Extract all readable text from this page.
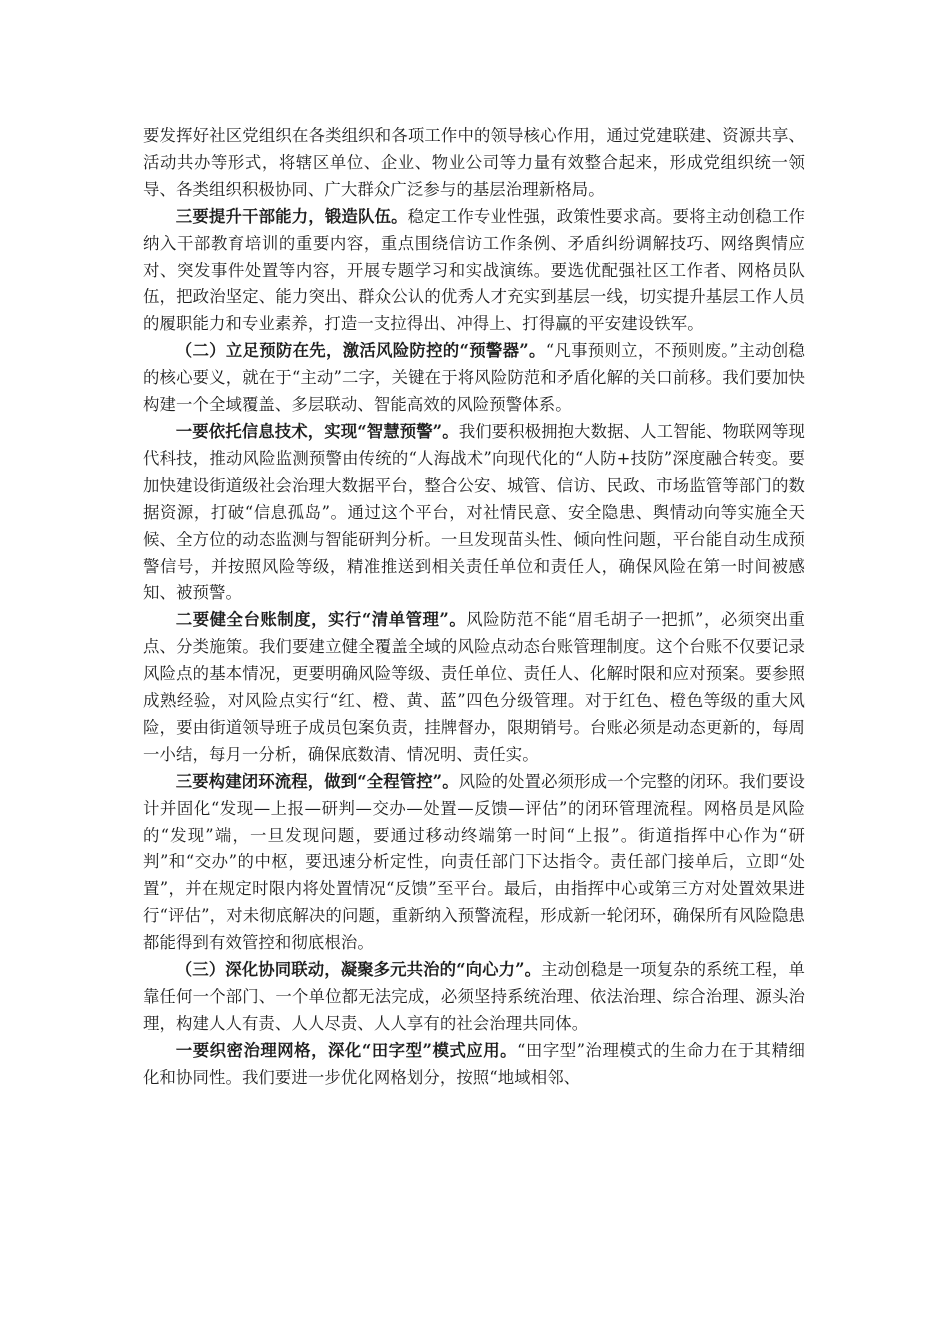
要发挥好社区党组织在各类组织和各项工作中的领导核心作用，通过党建联建、资源共享、活动共办等形式，将辖区单位、企业、物业公司等力量有效整合起来，形成党组织统一领导、各类组织积极协同、广大群众广泛参与的基层治理新格局。

三要提升干部能力，锻造队伍。稳定工作专业性强，政策性要求高。要将主动创稳工作纳入干部教育培训的重要内容，重点围绕信访工作条例、矛盾纠纷调解技巧、网络舆情应对、突发事件处置等内容，开展专题学习和实战演练。要选优配强社区工作者、网格员队伍，把政治坚定、能力突出、群众公认的优秀人才充实到基层一线，切实提升基层工作人员的履职能力和专业素养，打造一支拉得出、冲得上、打得赢的平安建设铁军。

（二）立足预防在先，激活风险防控的“预警器”。“凡事预则立，不预则废。”主动创稳的核心要义，就在于“主动”二字，关键在于将风险防范和矛盾化解的关口前移。我们要加快构建一个全域覆盖、多层联动、智能高效的风险预警体系。

一要依托信息技术，实现“智慧预警”。我们要积极拥抱大数据、人工智能、物联网等现代科技，推动风险监测预警由传统的“人海战术”向现代化的“人防+技防”深度融合转变。要加快建设街道级社会治理大数据平台，整合公安、城管、信访、民政、市场监管等部门的数据资源，打破“信息孤岛”。通过这个平台，对社情民意、安全隐患、舆情动向等实施全天候、全方位的动态监测与智能研判分析。一旦发现苗头性、倾向性问题，平台能自动生成预警信号，并按照风险等级，精准推送到相关责任单位和责任人，确保风险在第一时间被感知、被预警。

二要健全台账制度，实行“清单管理”。风险防范不能“眉毛胡子一把抓”，必须突出重点、分类施策。我们要建立健全覆盖全域的风险点动态台账管理制度。这个台账不仅要记录风险点的基本情况，更要明确风险等级、责任单位、责任人、化解时限和应对预案。要参照成熟经验，对风险点实行“红、橙、黄、蓝”四色分级管理。对于红色、橙色等级的重大风险，要由街道领导班子成员包案负责，挂牌督办，限期销号。台账必须是动态更新的，每周一小结，每月一分析，确保底数清、情况明、责任实。

三要构建闭环流程，做到“全程管控”。风险的处置必须形成一个完整的闭环。我们要设计并固化“发现—上报—研判—交办—处置—反馈—评估”的闭环管理流程。网格员是风险的“发现”端，一旦发现问题，要通过移动终端第一时间“上报”。街道指挥中心作为“研判”和“交办”的中枢，要迅速分析定性，向责任部门下达指令。责任部门接单后，立即“处置”，并在规定时限内将处置情况“反馈”至平台。最后，由指挥中心或第三方对处置效果进行“评估”，对未彻底解决的问题，重新纳入预警流程，形成新一轮闭环，确保所有风险隐患都能得到有效管控和彻底根治。

（三）深化协同联动，凝聚多元共治的“向心力”。主动创稳是一项复杂的系统工程，单靠任何一个部门、一个单位都无法完成，必须坚持系统治理、依法治理、综合治理、源头治理，构建人人有责、人人尽责、人人享有的社会治理共同体。

一要织密治理网格，深化“田字型”模式应用。“田字型”治理模式的生命力在于其精细化和协同性。我们要进一步优化网格划分，按照“地域相邻、
